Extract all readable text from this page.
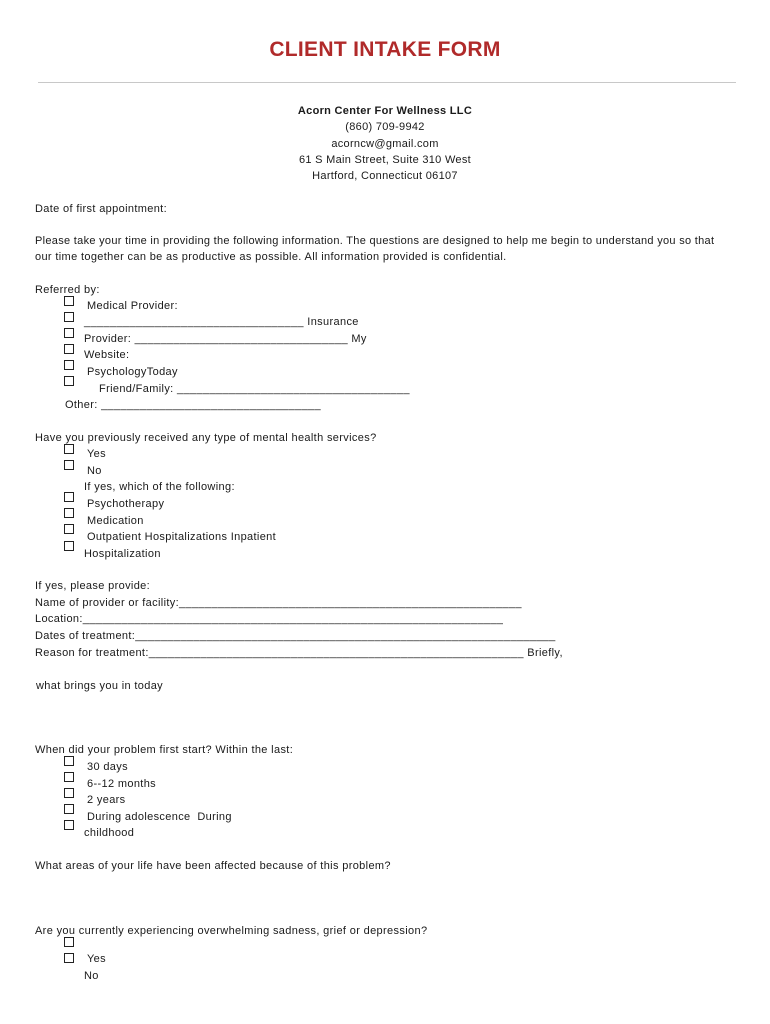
CLIENT INTAKE FORM
Acorn Center For Wellness LLC
(860) 709-9942
acorncw@gmail.com
61 S Main Street, Suite 310 West
Hartford, Connecticut 06107
Date of first appointment:
Please take your time in providing the following information. The questions are designed to help me begin to understand you so that
our time together can be as productive as possible. All information provided is confidential.
Referred by:
Medical Provider:
__________________________________ Insurance
Provider: _________________________________ My
Website:
PsychologyToday
Friend/Family: ____________________________________
Other: __________________________________
Have you previously received any type of mental health services?
Yes
No
If yes, which of the following:
Psychotherapy
Medication
Outpatient Hospitalizations Inpatient
Hospitalization
If yes, please provide:
Name of provider or facility:_____________________________________________________
Location:_________________________________________________________________
Dates of treatment:_________________________________________________________________
Reason for treatment:__________________________________________________________ Briefly,
what brings you in today
When did your problem first start? Within the last:
30 days
6--12 months
2 years
During adolescence  During
childhood
What areas of your life have been affected because of this problem?
Are you currently experiencing overwhelming sadness, grief or depression?
Yes
No
